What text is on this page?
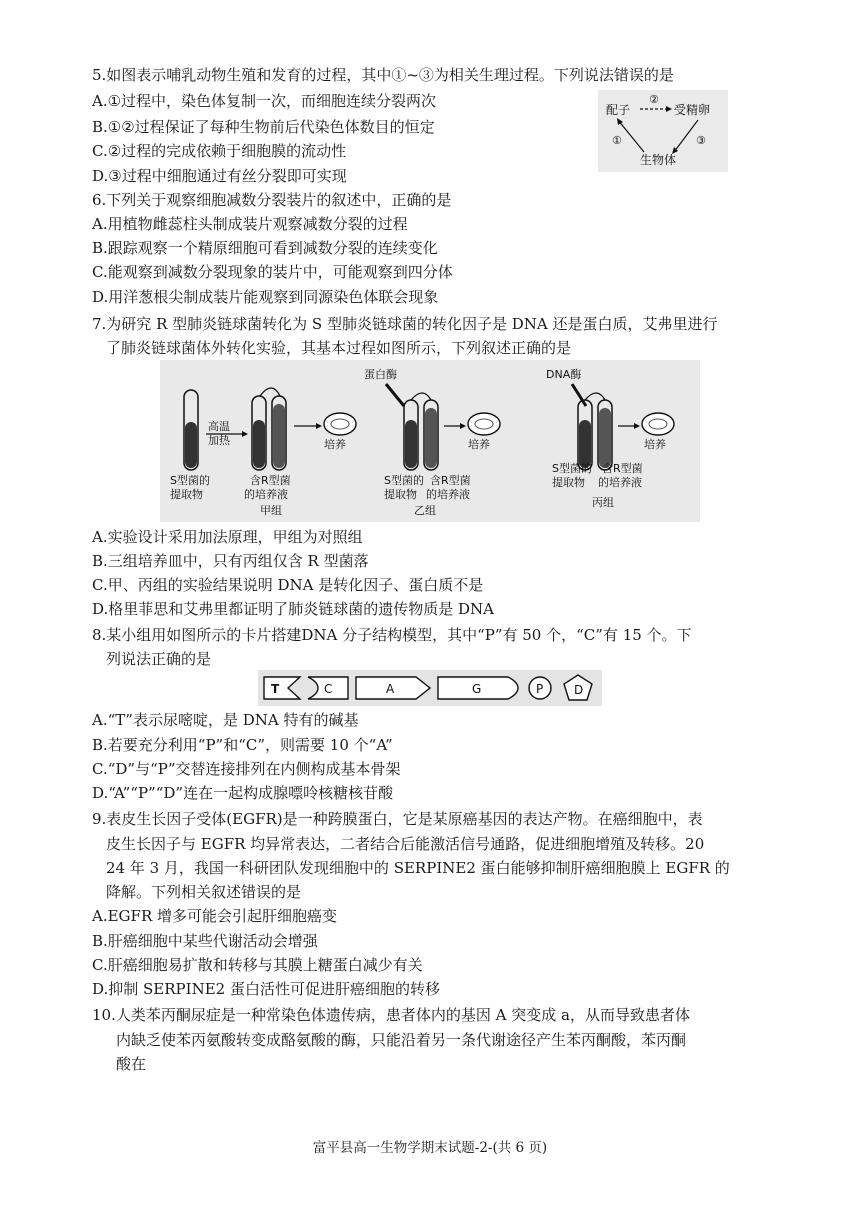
5.如图表示哺乳动物生殖和发育的过程，其中①~③为相关生理过程。下列说法错误的是
A.①过程中，染色体复制一次，而细胞连续分裂两次
B.①②过程保证了每种生物前后代染色体数目的恒定
C.②过程的完成依赖于细胞膜的流动性
D.③过程中细胞通过有丝分裂即可实现
配子	受精卵
生物体
②
①	③
6.下列关于观察细胞减数分裂装片的叙述中，正确的是
A.用植物雌蕊柱头制成装片观察减数分裂的过程
B.跟踪观察一个精原细胞可看到减数分裂的连续变化
C.能观察到减数分裂现象的装片中，可能观察到四分体
D.用洋葱根尖制成装片能观察到同源染色体联会现象
7.为研究 R 型肺炎链球菌转化为 S 型肺炎链球菌的转化因子是 DNA 还是蛋白质，艾弗里进行
了肺炎链球菌体外转化实验，其基本过程如图所示，下列叙述正确的是
高温
加热	培养
S型菌的
提取物
含R型菌
的培养液
甲组
蛋白酶
培养
S型菌的
提取物
含R型菌
的培养液
乙组
DNA酶
培养
S型菌的
提取物
含R型菌
的培养液
丙组
A.实验设计采用加法原理，甲组为对照组
B.三组培养皿中，只有丙组仅含 R 型菌落
C.甲、丙组的实验结果说明 DNA 是转化因子、蛋白质不是
D.格里菲思和艾弗里都证明了肺炎链球菌的遗传物质是 DNA
8.某小组用如图所示的卡片搭建DNA 分子结构模型，其中“P”有 50 个，“C”有 15 个。下
列说法正确的是
T	C	A	G	P	D
A.“T”表示尿嘧啶，是 DNA 特有的碱基
B.若要充分利用“P”和“C”，则需要 10 个“A”
C.“D”与“P”交替连接排列在内侧构成基本骨架
D.“A”“P”“D”连在一起构成腺嘌呤核糖核苷酸
9.表皮生长因子受体(EGFR)是一种跨膜蛋白，它是某原癌基因的表达产物。在癌细胞中，表
皮生长因子与 EGFR 均异常表达，二者结合后能激活信号通路，促进细胞增殖及转移。20
24 年 3 月，我国一科研团队发现细胞中的 SERPINE2 蛋白能够抑制肝癌细胞膜上 EGFR 的
降解。下列相关叙述错误的是
A.EGFR 增多可能会引起肝细胞癌变
B.肝癌细胞中某些代谢活动会增强
C.肝癌细胞易扩散和转移与其膜上糖蛋白减少有关
D.抑制 SERPINE2 蛋白活性可促进肝癌细胞的转移
10.人类苯丙酮尿症是一种常染色体遗传病，患者体内的基因 A 突变成 a，从而导致患者体
内缺乏使苯丙氨酸转变成酪氨酸的酶，只能沿着另一条代谢途径产生苯丙酮酸，苯丙酮
酸在
富平县高一生物学期末试题-2-(共 6 页)
